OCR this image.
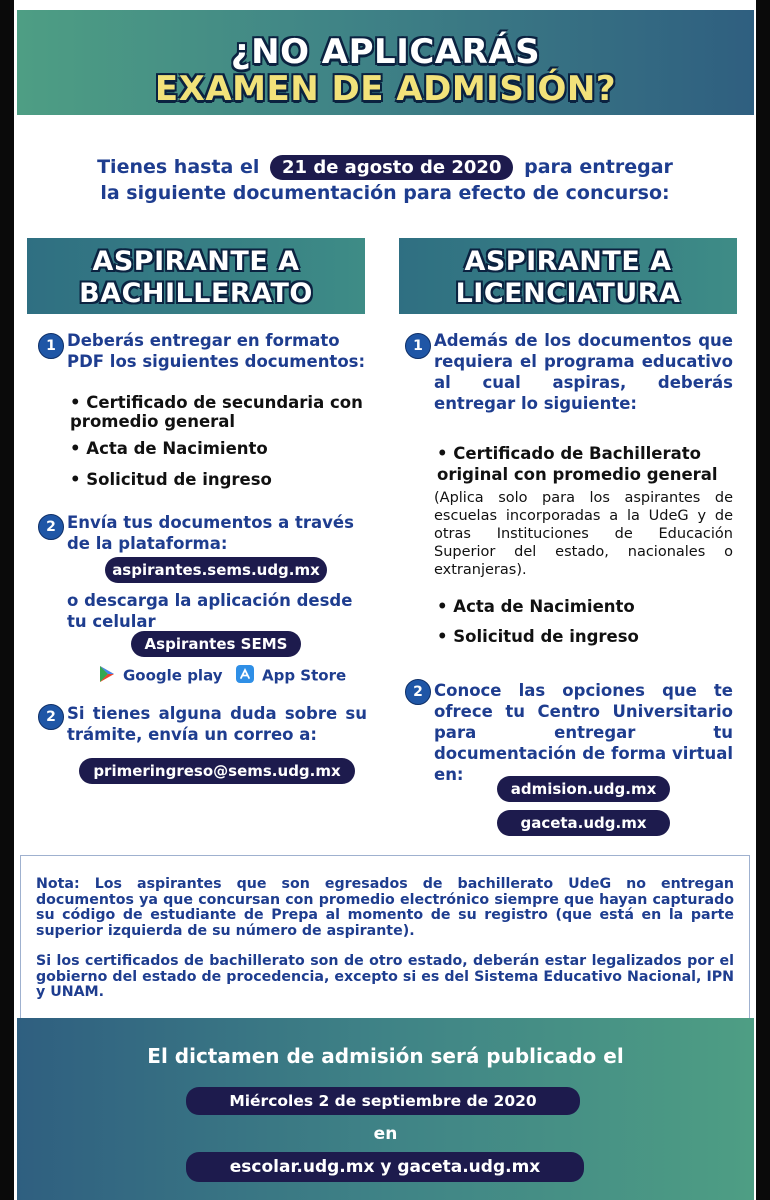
¿NO APLICARÁS
EXAMEN DE ADMISIÓN?
Tienes hasta el 21 de agosto de 2020 para entregar
la siguiente documentación para efecto de concurso:
ASPIRANTE A
BACHILLERATO
ASPIRANTE A
LICENCIATURA
1 Deberás entregar en formato PDF los siguientes documentos:
• Certificado de secundaria con promedio general
• Acta de Nacimiento
• Solicitud de ingreso
2 Envía tus documentos a través de la plataforma:
aspirantes.sems.udg.mx
o descarga la aplicación desde tu celular
Aspirantes SEMS
Google play	App Store
2 Si tienes alguna duda sobre su trámite, envía un correo a:
primeringreso@sems.udg.mx
1 Además de los documentos que requiera el programa educativo al cual aspiras, deberás entregar lo siguiente:
• Certificado de Bachillerato original con promedio general
(Aplica solo para los aspirantes de escuelas incorporadas a la UdeG y de otras Instituciones de Educación Superior del estado, nacionales o extranjeras).
• Acta de Nacimiento
• Solicitud de ingreso
2 Conoce las opciones que te ofrece tu Centro Universitario para entregar tu documentación de forma virtual en:
admision.udg.mx
gaceta.udg.mx
Nota: Los aspirantes que son egresados de bachillerato UdeG no entregan documentos ya que concursan con promedio electrónico siempre que hayan capturado su código de estudiante de Prepa al momento de su registro (que está en la parte superior izquierda de su número de aspirante).
Si los certificados de bachillerato son de otro estado, deberán estar legalizados por el gobierno del estado de procedencia, excepto si es del Sistema Educativo Nacional, IPN y UNAM.
El dictamen de admisión será publicado el
Miércoles 2 de septiembre de 2020
en
escolar.udg.mx y gaceta.udg.mx
